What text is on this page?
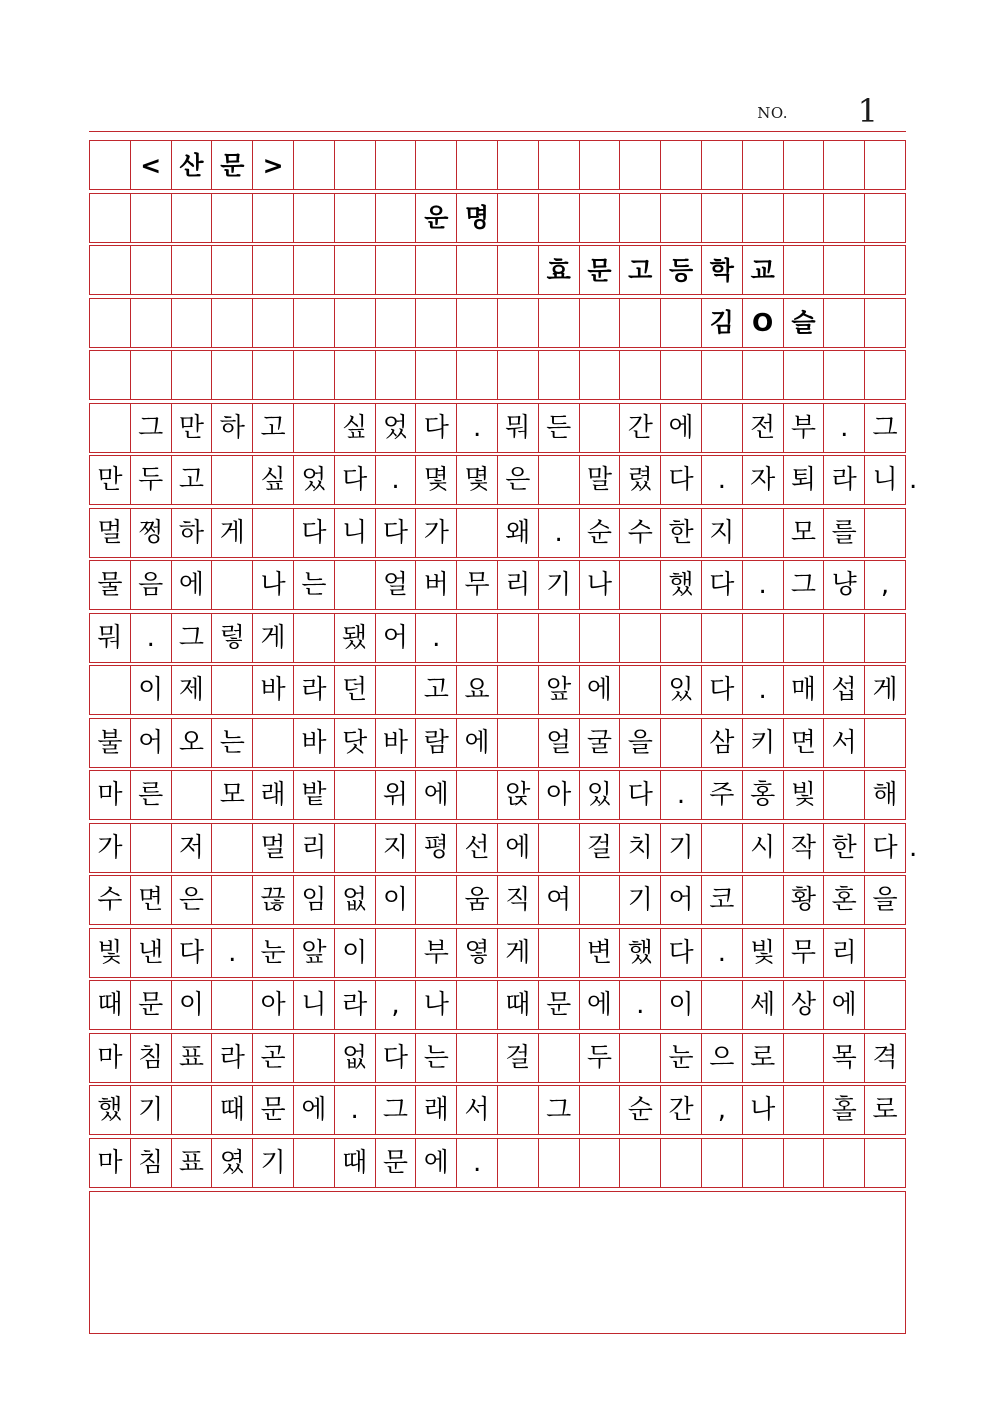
NO. 1
< 산 문 >
운 명
효 문 고 등 학 교
김 O 슬
그 만 하 고	싶 었 다 . 뭐 든	간 에	전 부 . 그
만 두 고	싶 었 다 . 몇 몇 은	말 렸 다 . 자 퇴 라 니 .
멀 쩡 하 게	다 니 다 가	왜 . 순 수 한 지	모 를
물 음 에	나 는	얼 버 무 리 기 나	했 다 . 그 냥 ,
뭐 . 그 렇 게	됐 어 .
이 제	바 라 던	고 요	앞 에	있 다 . 매 섭 게
불 어 오 는	바 닷 바 람 에	얼 굴 을	삼 키 면 서
마 른	모 래 밭	위 에	앉 아 있 다 . 주 홍 빛	해
가	저	멀 리	지 평 선 에	걸 치 기	시 작 한 다 .
수 면 은	끊 임 없 이	움 직 여	기 어 코	황 혼 을
빛 낸 다 . 눈 앞 이	부 옇 게	변 했 다 . 빛 무 리
때 문 이	아 니 라 , 나	때 문 에 . 이	세 상 에
마 침 표 라 곤	없 다 는	걸	두	눈 으 로	목 격
했 기	때 문 에 . 그 래 서	그	순 간 , 나	홀 로
마 침 표 였 기	때 문 에 .
